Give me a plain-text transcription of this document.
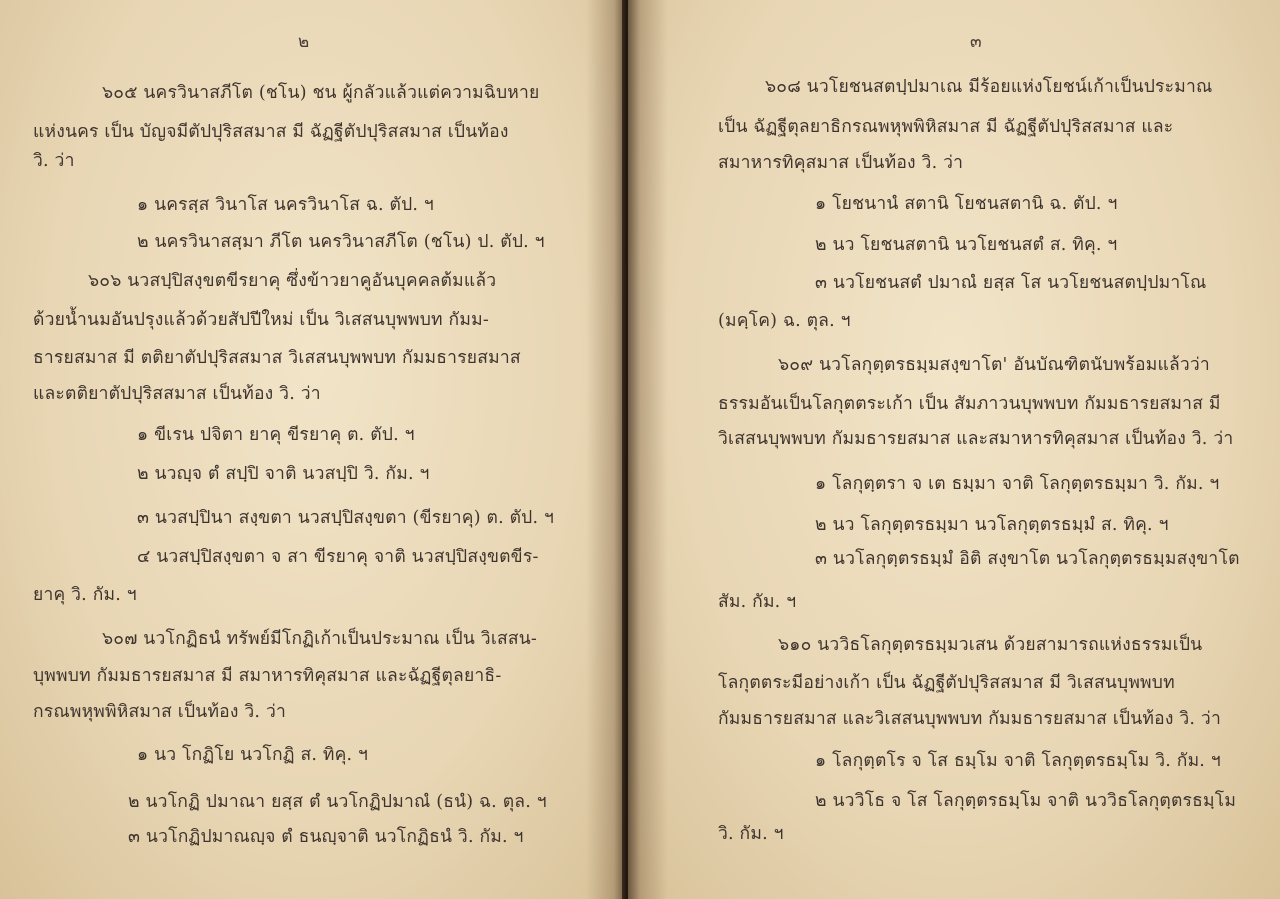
๒
๖๐๕ นครวินาสภีโต (ชโน) ชน ผู้กลัวแล้วแต่ความฉิบหาย
แห่งนคร เป็น บัญจมีตัปปุริสสมาส มี ฉัฏฐีตัปปุริสสมาส เป็นท้อง
วิ. ว่า
๑ นครสฺส วินาโส นครวินาโส ฉ. ตัป. ฯ
๒ นครวินาสสฺมา ภีโต นครวินาสภีโต (ชโน) ป. ตัป. ฯ
๖๐๖ นวสปฺปิสงฺขตขีรยาคุ ซึ่งข้าวยาคูอันบุคคลต้มแล้ว
ด้วยน้ำนมอันปรุงแล้วด้วยสัปปีใหม่ เป็น วิเสสนบุพพบท กัมม-
ธารยสมาส มี ตติยาตัปปุริสสมาส วิเสสนบุพพบท กัมมธารยสมาส
และตติยาตัปปุริสสมาส เป็นท้อง วิ. ว่า
๑ ขีเรน ปจิตา ยาคุ ขีรยาคุ ต. ตัป. ฯ
๒ นวญฺจ ตํ สปฺปิ จาติ นวสปฺปิ วิ. กัม. ฯ
๓ นวสปฺปินา สงฺขตา นวสปฺปิสงฺขตา (ขีรยาคุ) ต. ตัป. ฯ
๔ นวสปฺปิสงฺขตา จ สา ขีรยาคุ จาติ นวสปฺปิสงฺขตขีร-
ยาคุ วิ. กัม. ฯ
๖๐๗ นวโกฏิธนํ ทรัพย์มีโกฏิเก้าเป็นประมาณ เป็น วิเสสน-
บุพพบท กัมมธารยสมาส มี สมาหารทิคุสมาส และฉัฏฐีตุลยาธิ-
กรณพหุพพิหิสมาส เป็นท้อง วิ. ว่า
๑ นว โกฏิโย นวโกฏิ ส. ทิคุ. ฯ
๒ นวโกฏิ ปมาณา ยสฺส ตํ นวโกฏิปมาณํ (ธนํ) ฉ. ตุล. ฯ
๓ นวโกฏิปมาณญฺจ ตํ ธนญฺจาติ นวโกฏิธนํ วิ. กัม. ฯ
๓
๖๐๘ นวโยชนสตปฺปมาเณ มีร้อยแห่งโยชน์เก้าเป็นประมาณ
เป็น ฉัฏฐีตุลยาธิกรณพหุพพิหิสมาส มี ฉัฏฐีตัปปุริสสมาส และ
สมาหารทิคุสมาส เป็นท้อง วิ. ว่า
๑ โยชนานํ สตานิ โยชนสตานิ ฉ. ตัป. ฯ
๒ นว โยชนสตานิ นวโยชนสตํ ส. ทิคุ. ฯ
๓ นวโยชนสตํ ปมาณํ ยสฺส โส นวโยชนสตปฺปมาโณ
(มคฺโค) ฉ. ตุล. ฯ
๖๐๙ นวโลกุตฺตรธมฺมสงฺขาโต' อันบัณฑิตนับพร้อมแล้วว่า
ธรรมอันเป็นโลกุตตระเก้า เป็น สัมภาวนบุพพบท กัมมธารยสมาส มี
วิเสสนบุพพบท กัมมธารยสมาส และสมาหารทิคุสมาส เป็นท้อง วิ. ว่า
๑ โลกุตฺตรา จ เต ธมฺมา จาติ โลกุตฺตรธมฺมา วิ. กัม. ฯ
๒ นว โลกุตฺตรธมฺมา นวโลกุตฺตรธมฺมํ ส. ทิคุ. ฯ
๓ นวโลกุตฺตรธมฺมํ อิติ สงฺขาโต นวโลกุตฺตรธมฺมสงฺขาโต
สัม. กัม. ฯ
๖๑๐ นววิธโลกุตฺตรธมฺมวเสน ด้วยสามารถแห่งธรรมเป็น
โลกุตตระมีอย่างเก้า เป็น ฉัฏฐีตัปปุริสสมาส มี วิเสสนบุพพบท
กัมมธารยสมาส และวิเสสนบุพพบท กัมมธารยสมาส เป็นท้อง วิ. ว่า
๑ โลกุตฺตโร จ โส ธมฺโม จาติ โลกุตฺตรธมฺโม วิ. กัม. ฯ
๒ นววิโธ จ โส โลกุตฺตรธมฺโม จาติ นววิธโลกุตฺตรธมฺโม
วิ. กัม. ฯ
